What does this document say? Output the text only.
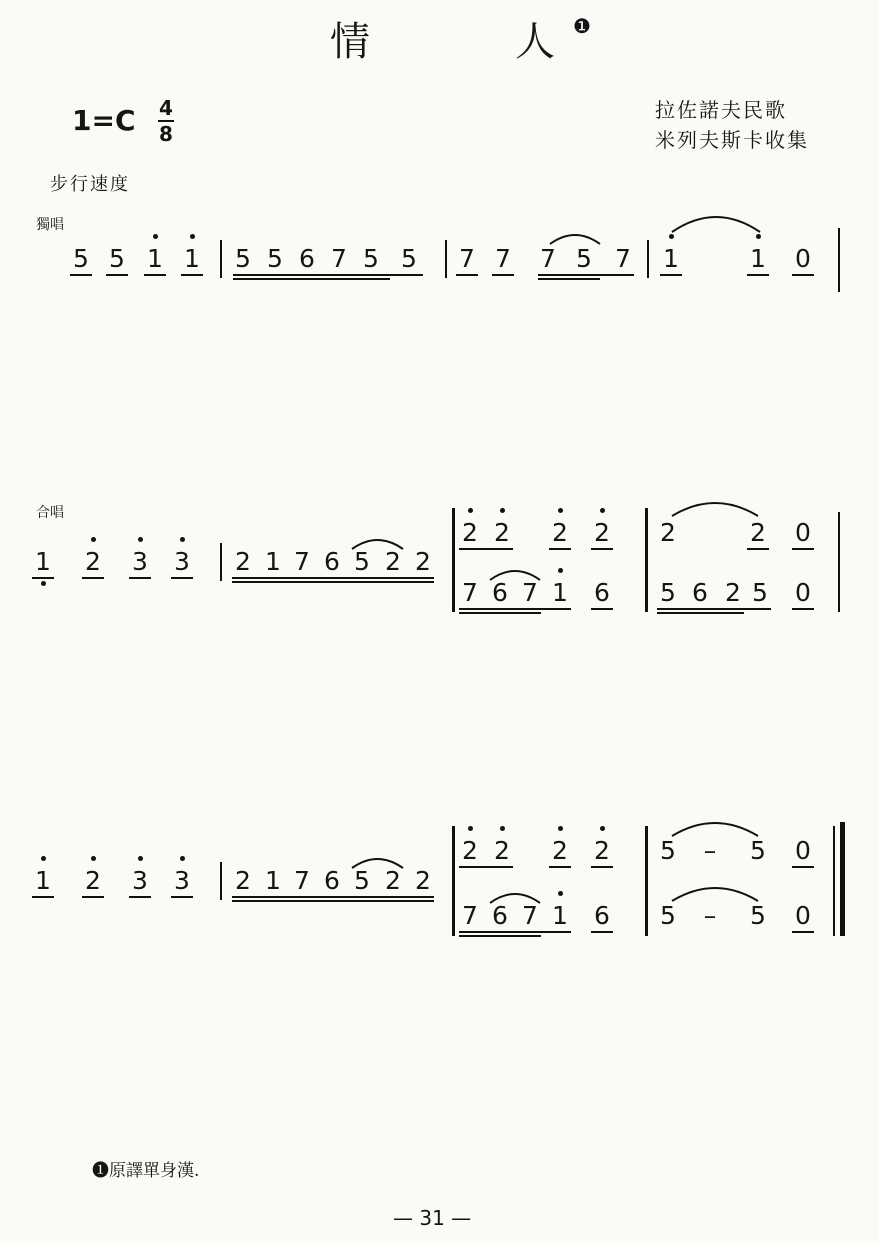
情	人 ❶
1=C 4
8
拉佐諾夫民歌
米列夫斯卡收集
步行速度
獨唱
合唱
❶原譯單身漢.
— 31 —
5 5 1 1 5 5 6 7 5 5 7 7 7 5 7 1	1 0
1 2 3 3 2 1 7 6 5 2 2
2 2 2 2 2	2 0
7 6 7 1 6 5 6 2 5 0
1 2 3 3 2 1 7 6 5 2 2
2 2 2 2 5 – 5 0
7 6 7 1 6 5 – 5 0
